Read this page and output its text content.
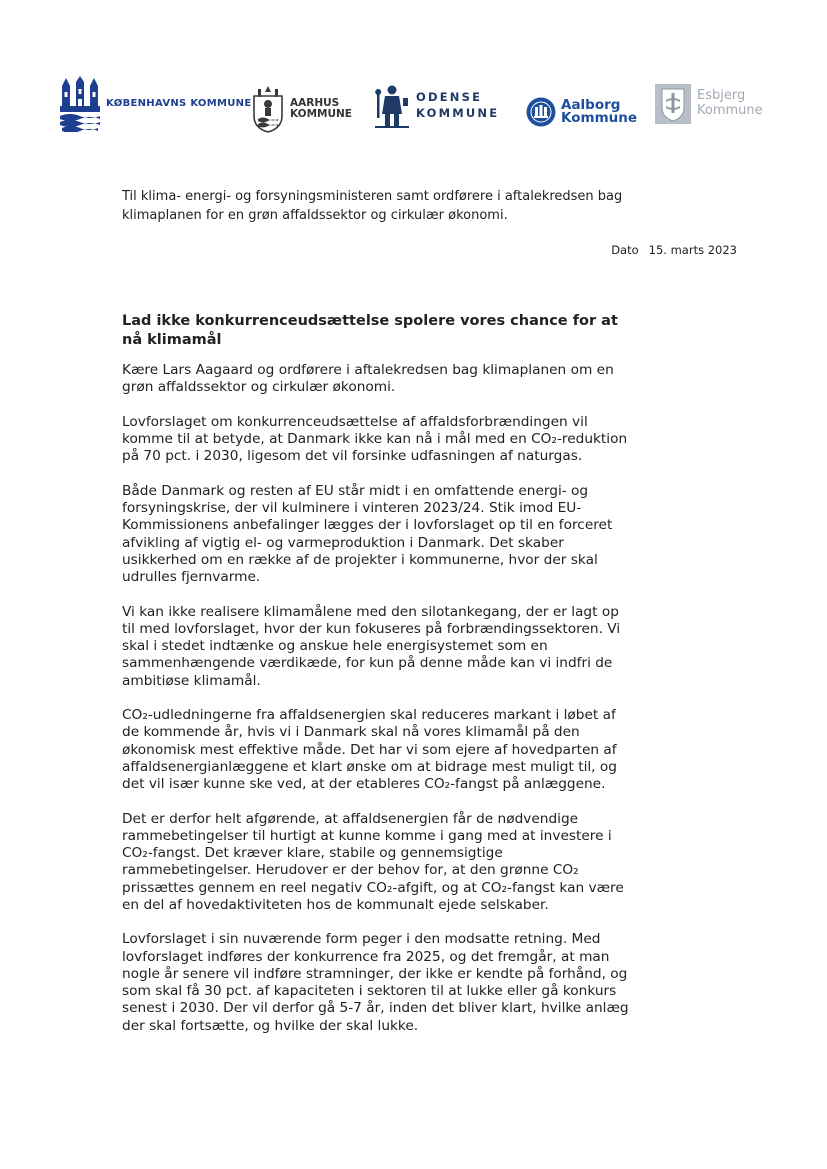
KØBENHAVNS KOMMUNE	AARHUS
KOMMUNE
ODENSE
KOMMUNE
Aalborg
Kommune
Esbjerg
Kommune
Til klima- energi- og forsyningsministeren samt ordførere i aftalekredsen bag klimaplanen for en grøn affaldssektor og cirkulær økonomi.
Dato 15. marts 2023
Lad ikke konkurrenceudsættelse spolere vores chance for at nå klimamål

Kære Lars Aagaard og ordførere i aftalekredsen bag klimaplanen om en grøn affaldssektor og cirkulær økonomi.

Lovforslaget om konkurrenceudsættelse af affaldsforbrændingen vil komme til at betyde, at Danmark ikke kan nå i mål med en CO₂-reduktion på 70 pct. i 2030, ligesom det vil forsinke udfasningen af naturgas.

Både Danmark og resten af EU står midt i en omfattende energi- og forsyningskrise, der vil kulminere i vinteren 2023/24. Stik imod EU-Kommissionens anbefalinger lægges der i lovforslaget op til en forceret afvikling af vigtig el- og varmeproduktion i Danmark. Det skaber usikkerhed om en række af de projekter i kommunerne, hvor der skal udrulles fjernvarme.

Vi kan ikke realisere klimamålene med den silotankegang, der er lagt op til med lovforslaget, hvor der kun fokuseres på forbrændingssektoren. Vi skal i stedet indtænke og anskue hele energisystemet som en sammenhængende værdikæde, for kun på denne måde kan vi indfri de ambitiøse klimamål.

CO₂-udledningerne fra affaldsenergien skal reduceres markant i løbet af de kommende år, hvis vi i Danmark skal nå vores klimamål på den økonomisk mest effektive måde. Det har vi som ejere af hovedparten af affaldsenergianlæggene et klart ønske om at bidrage mest muligt til, og det vil især kunne ske ved, at der etableres CO₂-fangst på anlæggene.

Det er derfor helt afgørende, at affaldsenergien får de nødvendige rammebetingelser til hurtigt at kunne komme i gang med at investere i CO₂-fangst. Det kræver klare, stabile og gennemsigtige rammebetingelser. Herudover er der behov for, at den grønne CO₂ prissættes gennem en reel negativ CO₂-afgift, og at CO₂-fangst kan være en del af hovedaktiviteten hos de kommunalt ejede selskaber.

Lovforslaget i sin nuværende form peger i den modsatte retning. Med lovforslaget indføres der konkurrence fra 2025, og det fremgår, at man nogle år senere vil indføre stramninger, der ikke er kendte på forhånd, og som skal få 30 pct. af kapaciteten i sektoren til at lukke eller gå konkurs senest i 2030. Der vil derfor gå 5-7 år, inden det bliver klart, hvilke anlæg der skal fortsætte, og hvilke der skal lukke.
